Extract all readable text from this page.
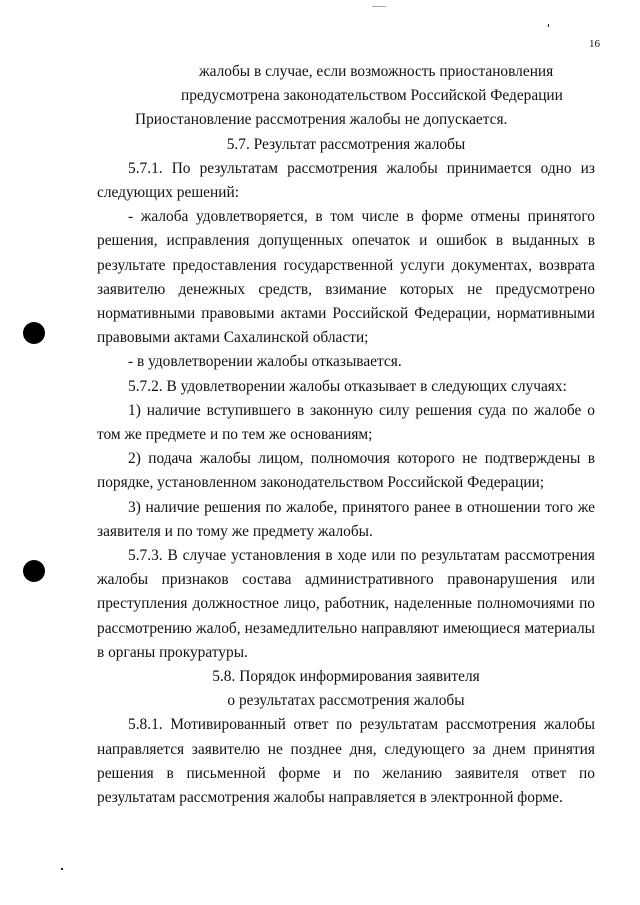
16

жалобы в случае, если возможность приостановления

предусмотрена законодательством Российской Федерации

Приостановление рассмотрения жалобы не допускается.

5.7. Результат рассмотрения жалобы

5.7.1. По результатам рассмотрения жалобы принимается одно из следующих решений:

- жалоба удовлетворяется, в том числе в форме отмены принятого решения, исправления допущенных опечаток и ошибок в выданных в результате предоставления государственной услуги документах, возврата заявителю денежных средств, взимание которых не предусмотрено нормативными правовыми актами Российской Федерации, нормативными правовыми актами Сахалинской области;

- в удовлетворении жалобы отказывается.

5.7.2. В удовлетворении жалобы отказывает в следующих случаях:

1) наличие вступившего в законную силу решения суда по жалобе о том же предмете и по тем же основаниям;

2) подача жалобы лицом, полномочия которого не подтверждены в порядке, установленном законодательством Российской Федерации;

3) наличие решения по жалобе, принятого ранее в отношении того же заявителя и по тому же предмету жалобы.

5.7.3. В случае установления в ходе или по результатам рассмотрения жалобы признаков состава административного правонарушения или преступления должностное лицо, работник, наделенные полномочиями по рассмотрению жалоб, незамедлительно направляют имеющиеся материалы в органы прокуратуры.

5.8. Порядок информирования заявителя

о результатах рассмотрения жалобы

5.8.1. Мотивированный ответ по результатам рассмотрения жалобы направляется заявителю не позднее дня, следующего за днем принятия решения в письменной форме и по желанию заявителя ответ по результатам рассмотрения жалобы направляется в электронной форме.
